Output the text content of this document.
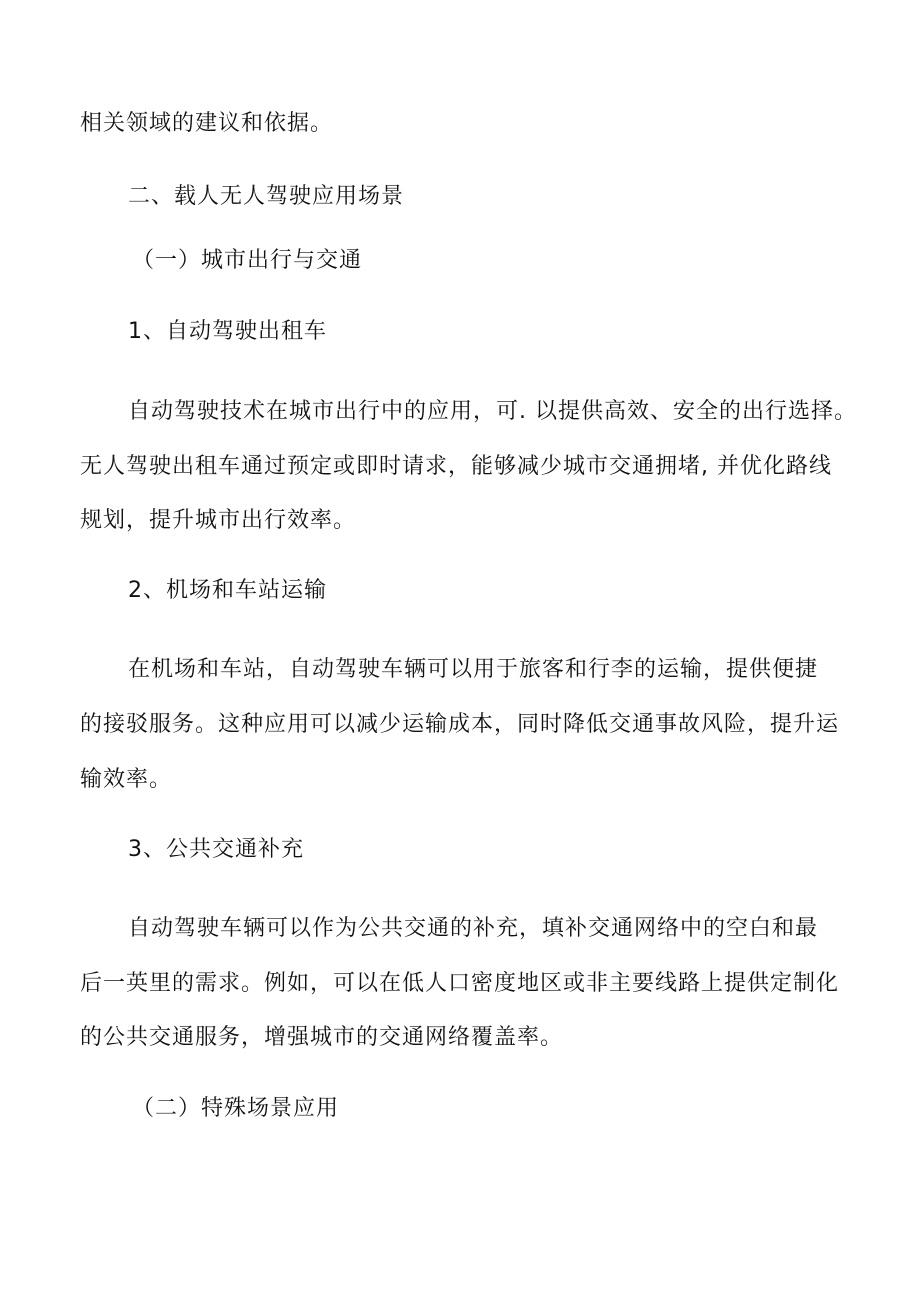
相关领域的建议和依据。
二、载人无人驾驶应用场景
（一）城市出行与交通
1、自动驾驶出租车
自动驾驶技术在城市出行中的应用，可. 以提供高效、安全的出行选择。
无人驾驶出租车通过预定或即时请求，能够减少城市交通拥堵, 并优化路线
规划，提升城市出行效率。
2、机场和车站运输
在机场和车站，自动驾驶车辆可以用于旅客和行李的运输，提供便捷
的接驳服务。这种应用可以减少运输成本，同时降低交通事故风险，提升运
输效率。
3、公共交通补充
自动驾驶车辆可以作为公共交通的补充，填补交通网络中的空白和最
后一英里的需求。例如，可以在低人口密度地区或非主要线路上提供定制化
的公共交通服务，增强城市的交通网络覆盖率。
（二）特殊场景应用
